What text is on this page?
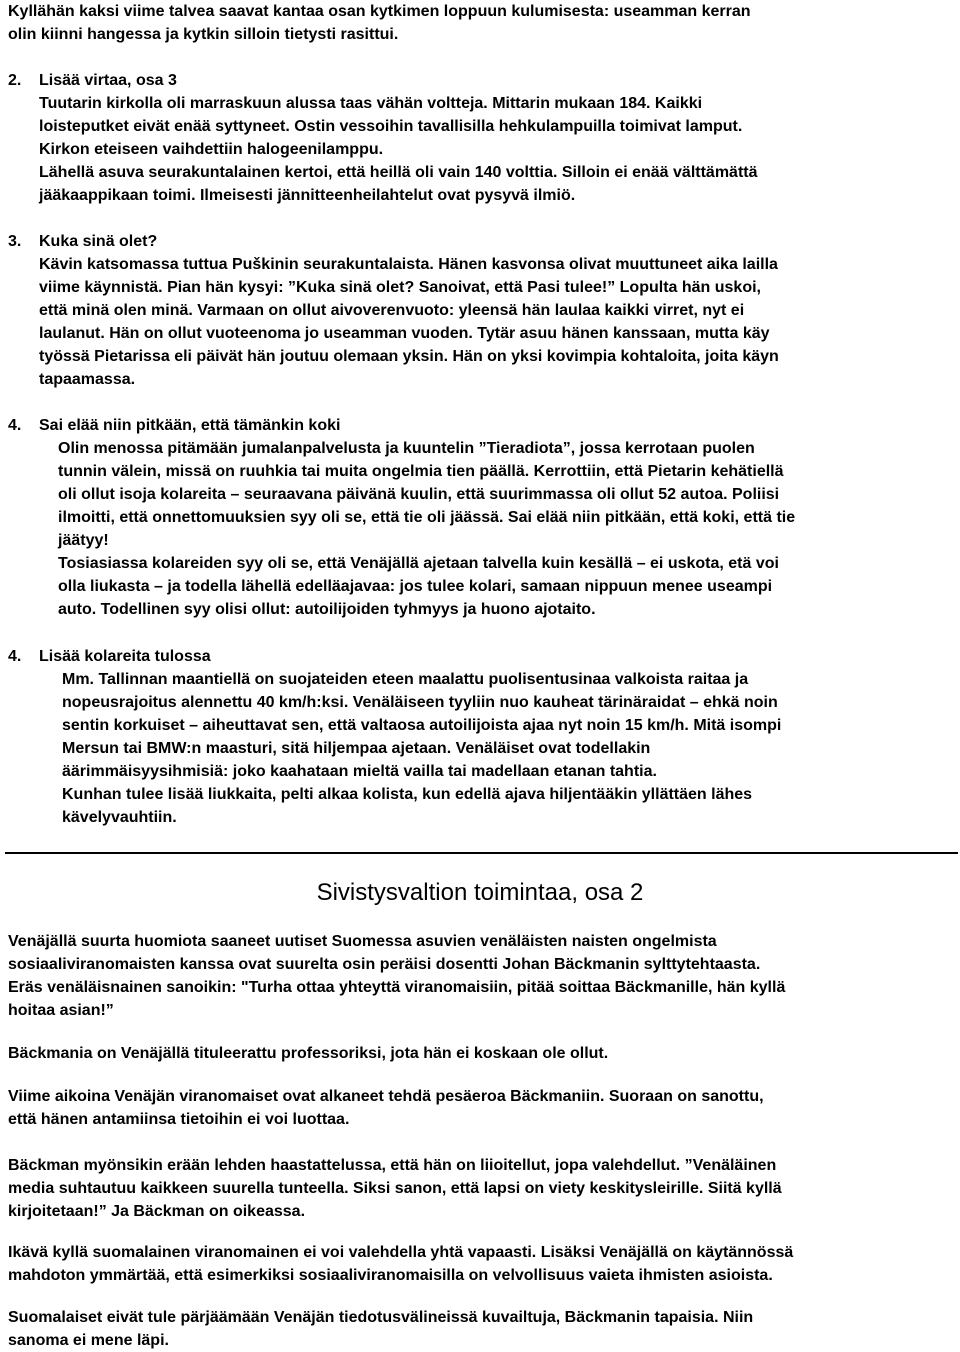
Kyllähän kaksi viime talvea saavat kantaa osan kytkimen loppuun kulumisesta: useamman kerran
olin kiinni hangessa ja kytkin silloin tietysti rasittui.
2. Lisää virtaa, osa 3
Tuutarin kirkolla oli marraskuun alussa taas vähän voltteja. Mittarin mukaan 184. Kaikki
loisteputket eivät enää syttyneet. Ostin vessoihin tavallisilla hehkulampuilla toimivat lamput.
Kirkon eteiseen vaihdettiin halogeenilamppu.
Lähellä asuva seurakuntalainen kertoi, että heillä oli vain 140 volttia. Silloin ei enää välttämättä
jääkaappikaan toimi. Ilmeisesti jännitteenheilahtelut ovat pysyvä ilmiö.
3. Kuka sinä olet?
Kävin katsomassa tuttua Puškinin seurakuntalaista. Hänen kasvonsa olivat muuttuneet aika lailla
viime käynnistä. Pian hän kysyi: ”Kuka sinä olet? Sanoivat, että Pasi tulee!” Lopulta hän uskoi,
että minä olen minä. Varmaan on ollut aivoverenvuoto: yleensä hän laulaa kaikki virret, nyt ei
laulanut. Hän on ollut vuoteenoma jo useamman vuoden. Tytär asuu hänen kanssaan, mutta käy
työssä Pietarissa eli päivät hän joutuu olemaan yksin. Hän on yksi kovimpia kohtaloita, joita käyn
tapaamassa.
4. Sai elää niin pitkään, että tämänkin koki
Olin menossa pitämään jumalanpalvelusta ja kuuntelin ”Tieradiota”, jossa kerrotaan puolen
tunnin välein, missä on ruuhkia tai muita ongelmia tien päällä. Kerrottiin, että Pietarin kehätiellä
oli ollut isoja kolareita – seuraavana päivänä kuulin, että suurimmassa oli ollut 52 autoa. Poliisi
ilmoitti, että onnettomuuksien syy oli se, että tie oli jäässä. Sai elää niin pitkään, että koki, että tie
jäätyy!
Tosiasiassa kolareiden syy oli se, että Venäjällä ajetaan talvella kuin kesällä – ei uskota, etä voi
olla liukasta – ja todella lähellä edelläajavaa: jos tulee kolari, samaan nippuun menee useampi
auto. Todellinen syy olisi ollut: autoilijoiden tyhmyys ja huono ajotaito.
4. Lisää kolareita tulossa
Mm. Tallinnan maantiellä on suojateiden eteen maalattu puolisentusinaa valkoista raitaa ja
nopeusrajoitus alennettu 40 km/h:ksi. Venäläiseen tyyliin nuo kauheat tärinäraidat – ehkä noin
sentin korkuiset – aiheuttavat sen, että valtaosa autoilijoista ajaa nyt noin 15 km/h. Mitä isompi
Mersun tai BMW:n maasturi, sitä hiljempaa ajetaan. Venäläiset ovat todellakin
äärimmäisyysihmisiä: joko kaahataan mieltä vailla tai madellaan etanan tahtia.
Kunhan tulee lisää liukkaita, pelti alkaa kolista, kun edellä ajava hiljentääkin yllättäen lähes
kävelyvauhtiin.
Sivistysvaltion toimintaa, osa 2
Venäjällä suurta huomiota saaneet uutiset Suomessa asuvien venäläisten naisten ongelmista
sosiaaliviranomaisten kanssa ovat suurelta osin peräisi dosentti Johan Bäckmanin sylttytehtaasta.
Eräs venäläisnainen sanoikin: "Turha ottaa yhteyttä viranomaisiin, pitää soittaa Bäckmanille, hän kyllä
hoitaa asian!”
Bäckmania on Venäjällä tituleerattu professoriksi, jota hän ei koskaan ole ollut.
Viime aikoina Venäjän viranomaiset ovat alkaneet tehdä pesäeroa Bäckmaniin. Suoraan on sanottu,
että hänen antamiinsa tietoihin ei voi luottaa.
Bäckman myönsikin erään lehden haastattelussa, että hän on liioitellut, jopa valehdellut. ”Venäläinen
media suhtautuu kaikkeen suurella tunteella. Siksi sanon, että lapsi on viety keskitysleirille. Siitä kyllä
kirjoitetaan!” Ja Bäckman on oikeassa.
Ikävä kyllä suomalainen viranomainen ei voi valehdella yhtä vapaasti. Lisäksi Venäjällä on käytännössä
mahdoton ymmärtää, että esimerkiksi sosiaaliviranomaisilla on velvollisuus vaieta ihmisten asioista.
Suomalaiset eivät tule pärjäämään Venäjän tiedotusvälineissä kuvailtuja, Bäckmanin tapaisia. Niin
sanoma ei mene läpi.
